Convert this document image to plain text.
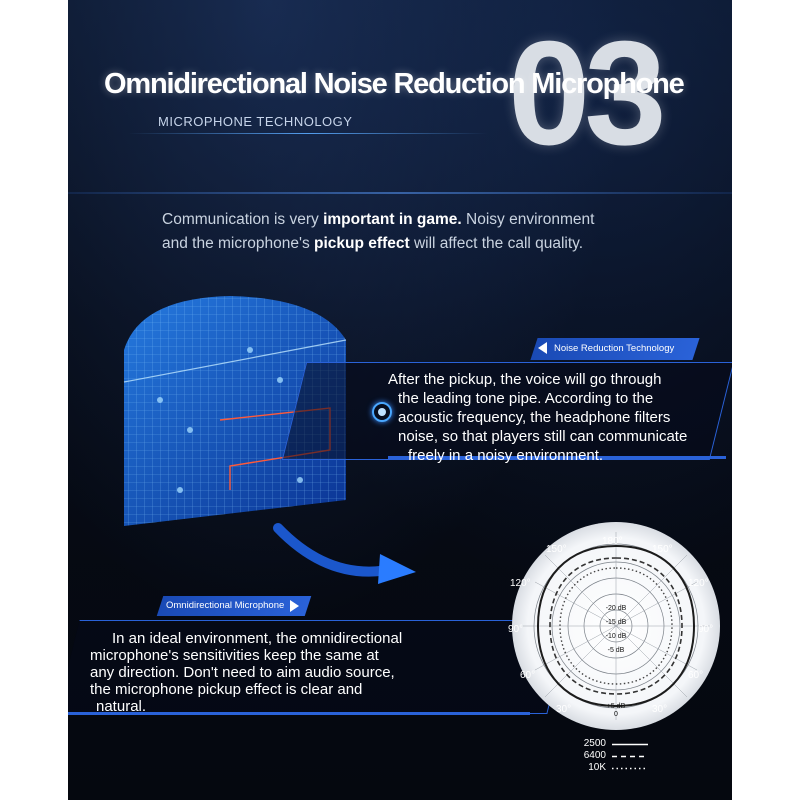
03
Omnidirectional Noise Reduction Microphone
MICROPHONE TECHNOLOGY
Communication is very important in game. Noisy environment
and the microphone's pickup effect will affect the call quality.
Noise Reduction Technology
After the pickup, the voice will go through
the leading tone pipe. According to the
acoustic frequency, the headphone filters
noise, so that players still can communicate
freely in a noisy environment.
Omnidirectional Microphone
In an ideal environment, the omnidirectional
microphone's sensitivities keep the same at
any direction. Don't need to aim audio source,
the microphone pickup effect is clear and
natural.
-20 dB
-15 dB
-10 dB
-5 dB
+5 dB
0
180°
150°	150°
120°	120°
90°	90°
60°	60°
30°	30°
2500
6400
10K
